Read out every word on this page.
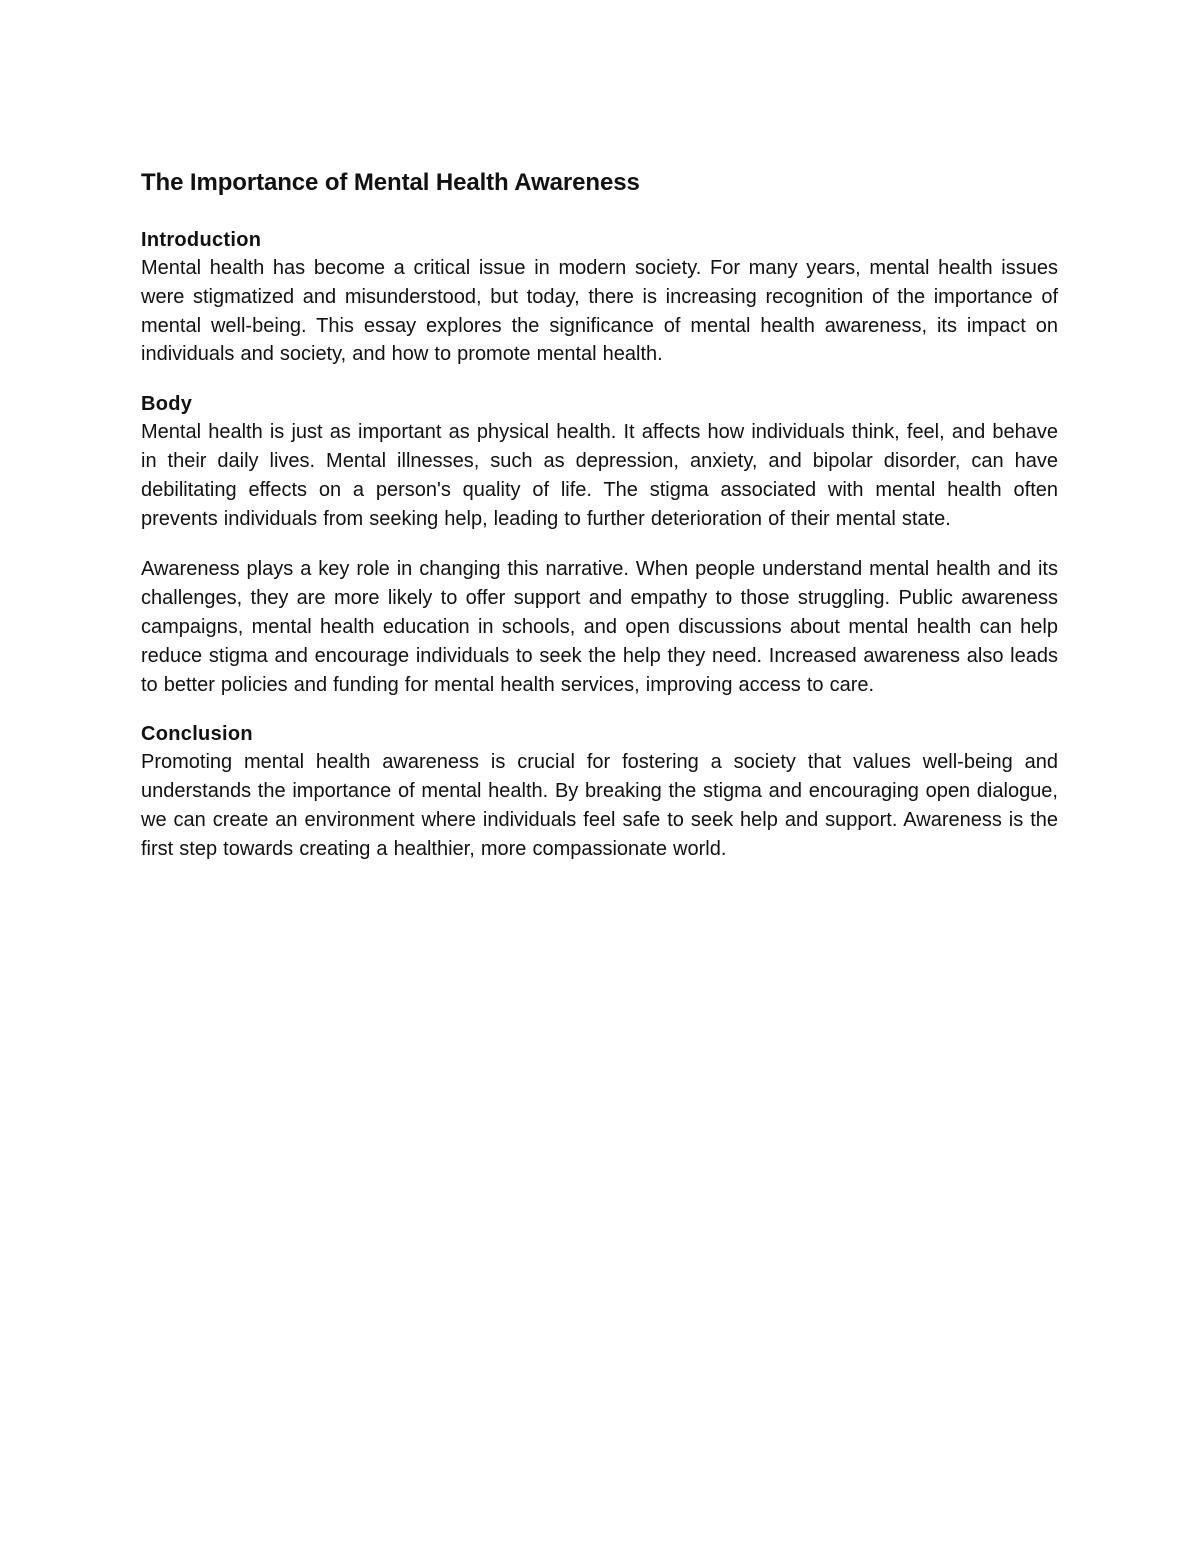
The Importance of Mental Health Awareness
Introduction

Mental health has become a critical issue in modern society. For many years, mental health issues were stigmatized and misunderstood, but today, there is increasing recognition of the importance of mental well-being. This essay explores the significance of mental health awareness, its impact on individuals and society, and how to promote mental health.

Body

Mental health is just as important as physical health. It affects how individuals think, feel, and behave in their daily lives. Mental illnesses, such as depression, anxiety, and bipolar disorder, can have debilitating effects on a person's quality of life. The stigma associated with mental health often prevents individuals from seeking help, leading to further deterioration of their mental state.

Awareness plays a key role in changing this narrative. When people understand mental health and its challenges, they are more likely to offer support and empathy to those struggling. Public awareness campaigns, mental health education in schools, and open discussions about mental health can help reduce stigma and encourage individuals to seek the help they need. Increased awareness also leads to better policies and funding for mental health services, improving access to care.

Conclusion

Promoting mental health awareness is crucial for fostering a society that values well-being and understands the importance of mental health. By breaking the stigma and encouraging open dialogue, we can create an environment where individuals feel safe to seek help and support. Awareness is the first step towards creating a healthier, more compassionate world.
